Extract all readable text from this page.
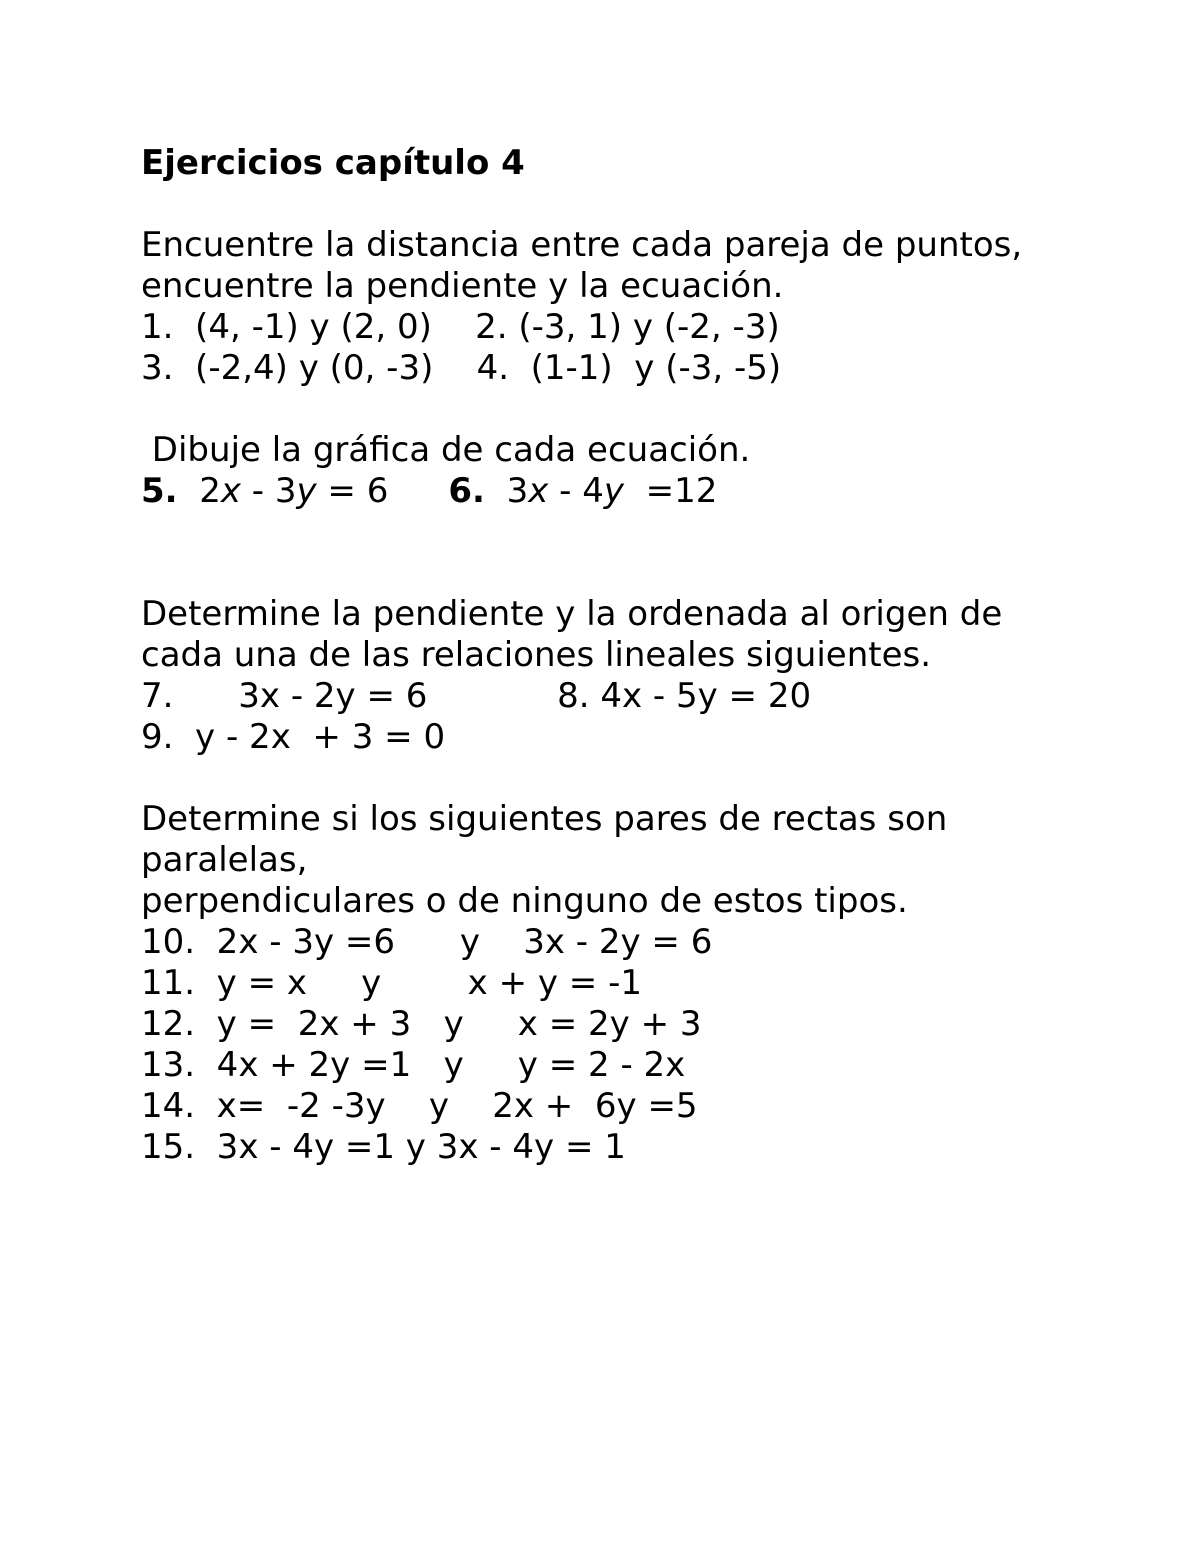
Ejercicios capítulo 4
Encuentre la distancia entre cada pareja de puntos,
encuentre la pendiente y la ecuación.
1.  (4, -1) y (2, 0)    2. (-3, 1) y (-2, -3)
3.  (-2,4) y (0, -3)    4.  (1-1)  y (-3, -5)
Dibuje la gráfica de cada ecuación.
5. 2x - 3y = 6 6. 3x - 4y  =12
Determine la pendiente y la ordenada al origen de
cada una de las relaciones lineales siguientes.
7.      3x - 2y = 6            8. 4x - 5y = 20
9.  y - 2x  + 3 = 0
Determine si los siguientes pares de rectas son
paralelas,
perpendiculares o de ninguno de estos tipos.
10.  2x - 3y =6      y    3x - 2y = 6
11.  y = x     y        x + y = -1
12.  y =  2x + 3   y     x = 2y + 3
13.  4x + 2y =1   y     y = 2 - 2x
14.  x=  -2 -3y    y    2x +  6y =5
15.  3x - 4y =1 y 3x - 4y = 1
